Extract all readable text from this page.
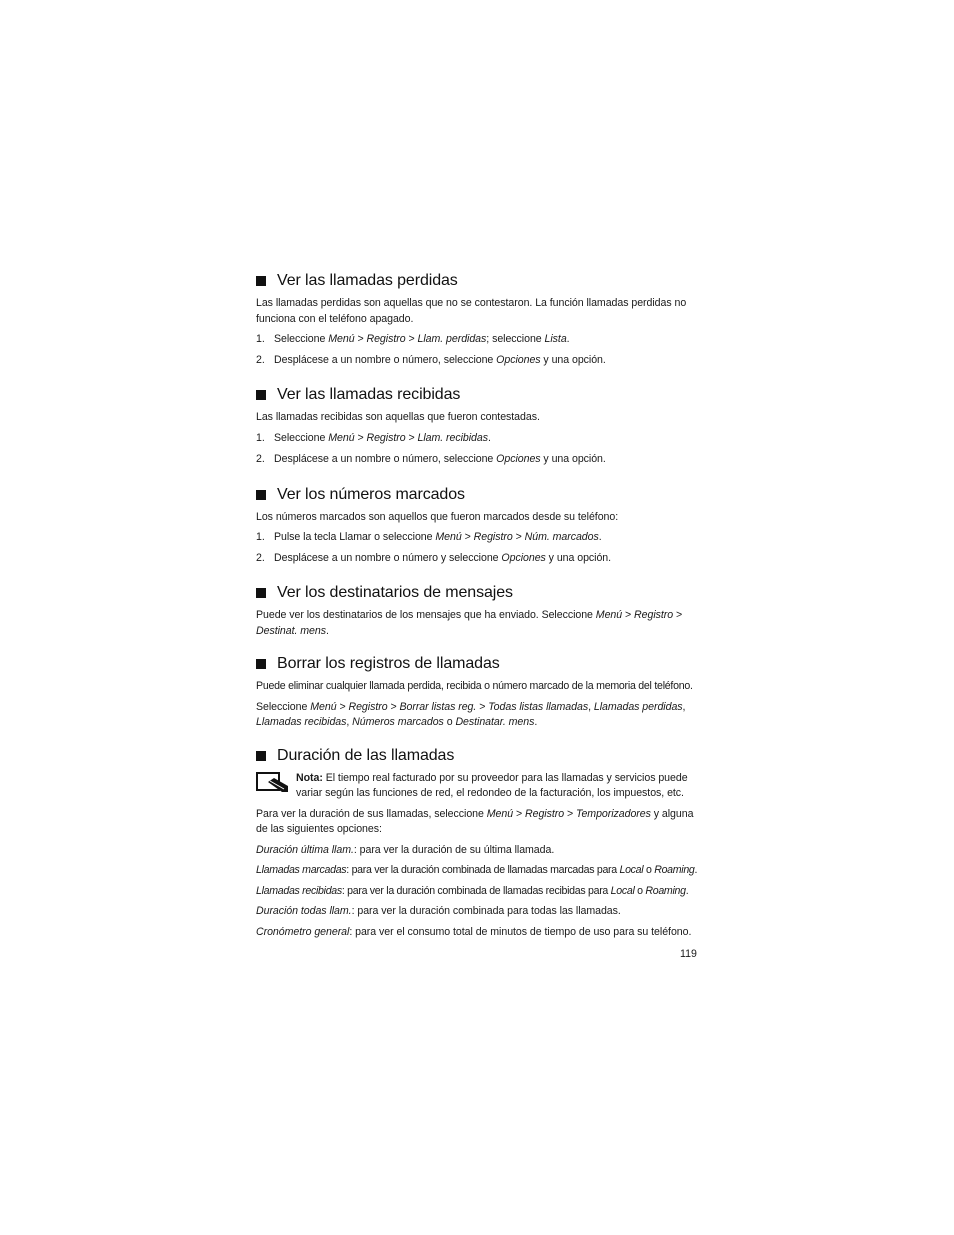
Ver las llamadas perdidas

Las llamadas perdidas son aquellas que no se contestaron. La función llamadas perdidas no funciona con el teléfono apagado.

1. Seleccione Menú > Registro > Llam. perdidas; seleccione Lista.
2. Desplácese a un nombre o número, seleccione Opciones y una opción.
Ver las llamadas recibidas

Las llamadas recibidas son aquellas que fueron contestadas.

1. Seleccione Menú > Registro > Llam. recibidas.
2. Desplácese a un nombre o número, seleccione Opciones y una opción.
Ver los números marcados

Los números marcados son aquellos que fueron marcados desde su teléfono:

1. Pulse la tecla Llamar o seleccione Menú > Registro > Núm. marcados.
2. Desplácese a un nombre o número y seleccione Opciones y una opción.
Ver los destinatarios de mensajes

Puede ver los destinatarios de los mensajes que ha enviado. Seleccione Menú > Registro > Destinat. mens.

Borrar los registros de llamadas

Puede eliminar cualquier llamada perdida, recibida o número marcado de la memoria del teléfono.

Seleccione Menú > Registro > Borrar listas reg. > Todas listas llamadas, Llamadas perdidas, Llamadas recibidas, Números marcados o Destinatar. mens.

Duración de las llamadas
Nota: El tiempo real facturado por su proveedor para las llamadas y servicios puede variar según las funciones de red, el redondeo de la facturación, los impuestos, etc.

Para ver la duración de sus llamadas, seleccione Menú > Registro > Temporizadores y alguna de las siguientes opciones:

Duración última llam.: para ver la duración de su última llamada.

Llamadas marcadas: para ver la duración combinada de llamadas marcadas para Local o Roaming.

Llamadas recibidas: para ver la duración combinada de llamadas recibidas para Local o Roaming.

Duración todas llam.: para ver la duración combinada para todas las llamadas.

Cronómetro general: para ver el consumo total de minutos de tiempo de uso para su teléfono.

119
